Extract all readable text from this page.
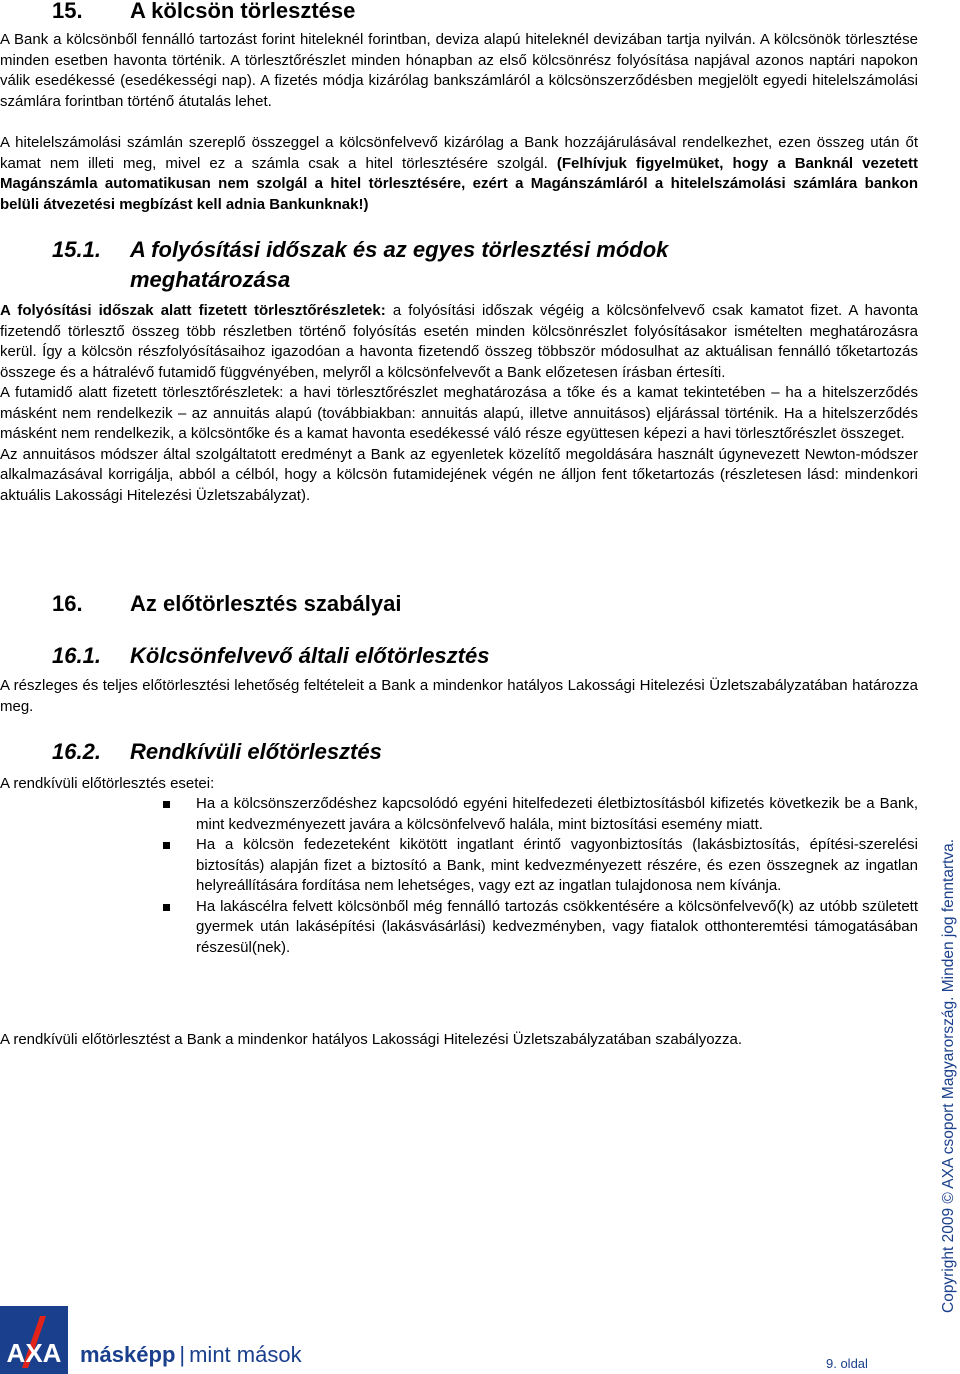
15. A kölcsön törlesztése

A Bank a kölcsönből fennálló tartozást forint hiteleknél forintban, deviza alapú hiteleknél devizában tartja nyilván. A kölcsönök törlesztése minden esetben havonta történik. A törlesztőrészlet minden hónapban az első kölcsönrész folyósítása napjával azonos naptári napokon válik esedékessé (esedékességi nap). A fizetés módja kizárólag bankszámláról a kölcsönszerződésben megjelölt egyedi hitelelszámolási számlára forintban történő átutalás lehet.

A hitelelszámolási számlán szereplő összeggel a kölcsönfelvevő kizárólag a Bank hozzájárulásával rendelkezhet, ezen összeg után őt kamat nem illeti meg, mivel ez a számla csak a hitel törlesztésére szolgál. (Felhívjuk figyelmüket, hogy a Banknál vezetett Magánszámla automatikusan nem szolgál a hitel törlesztésére, ezért a Magánszámláról a hitelelszámolási számlára bankon belüli átvezetési megbízást kell adnia Bankunknak!)

15.1. A folyósítási időszak és az egyes törlesztési módok
meghatározása

A folyósítási időszak alatt fizetett törlesztőrészletek: a folyósítási időszak végéig a kölcsönfelvevő csak kamatot fizet. A havonta fizetendő törlesztő összeg több részletben történő folyósítás esetén minden kölcsönrészlet folyósításakor ismételten meghatározásra kerül. Így a kölcsön részfolyósításaihoz igazodóan a havonta fizetendő összeg többször módosulhat az aktuálisan fennálló tőketartozás összege és a hátralévő futamidő függvényében, melyről a kölcsönfelvevőt a Bank előzetesen írásban értesíti.

A futamidő alatt fizetett törlesztőrészletek: a havi törlesztőrészlet meghatározása a tőke és a kamat tekintetében – ha a hitelszerződés másként nem rendelkezik – az annuitás alapú (továbbiakban: annuitás alapú, illetve annuitásos) eljárással történik. Ha a hitelszerződés másként nem rendelkezik, a kölcsöntőke és a kamat havonta esedékessé váló része együttesen képezi a havi törlesztőrészlet összeget.

Az annuitásos módszer által szolgáltatott eredményt a Bank az egyenletek közelítő megoldására használt úgynevezett Newton-módszer alkalmazásával korrigálja, abból a célból, hogy a kölcsön futamidejének végén ne álljon fent tőketartozás (részletesen lásd: mindenkori aktuális Lakossági Hitelezési Üzletszabályzat).

16. Az előtörlesztés szabályai
16.1. Kölcsönfelvevő általi előtörlesztés

A részleges és teljes előtörlesztési lehetőség feltételeit a Bank a mindenkor hatályos Lakossági Hitelezési Üzletszabályzatában határozza meg.

16.2. Rendkívüli előtörlesztés

A rendkívüli előtörlesztés esetei:

Ha a kölcsönszerződéshez kapcsolódó egyéni hitelfedezeti életbiztosításból kifizetés következik be a Bank, mint kedvezményezett javára a kölcsönfelvevő halála, mint biztosítási esemény miatt.

Ha a kölcsön fedezeteként kikötött ingatlant érintő vagyonbiztosítás (lakásbiztosítás, építési-szerelési biztosítás) alapján fizet a biztosító a Bank, mint kedvezményezett részére, és ezen összegnek az ingatlan helyreállítására fordítása nem lehetséges, vagy ezt az ingatlan tulajdonosa nem kívánja.

Ha lakáscélra felvett kölcsönből még fennálló tartozás csökkentésére a kölcsönfelvevő(k) az utóbb született gyermek után lakásépítési (lakásvásárlási) kedvezményben, vagy fiatalok otthonteremtési támogatásában részesül(nek).

A rendkívüli előtörlesztést a Bank a mindenkor hatályos Lakossági Hitelezési Üzletszabályzatában szabályozza.	Copyright 2009 © AXA csoport Magyarország. Minden jog fenntartva.
AXA másképp | mint mások	9. oldal
